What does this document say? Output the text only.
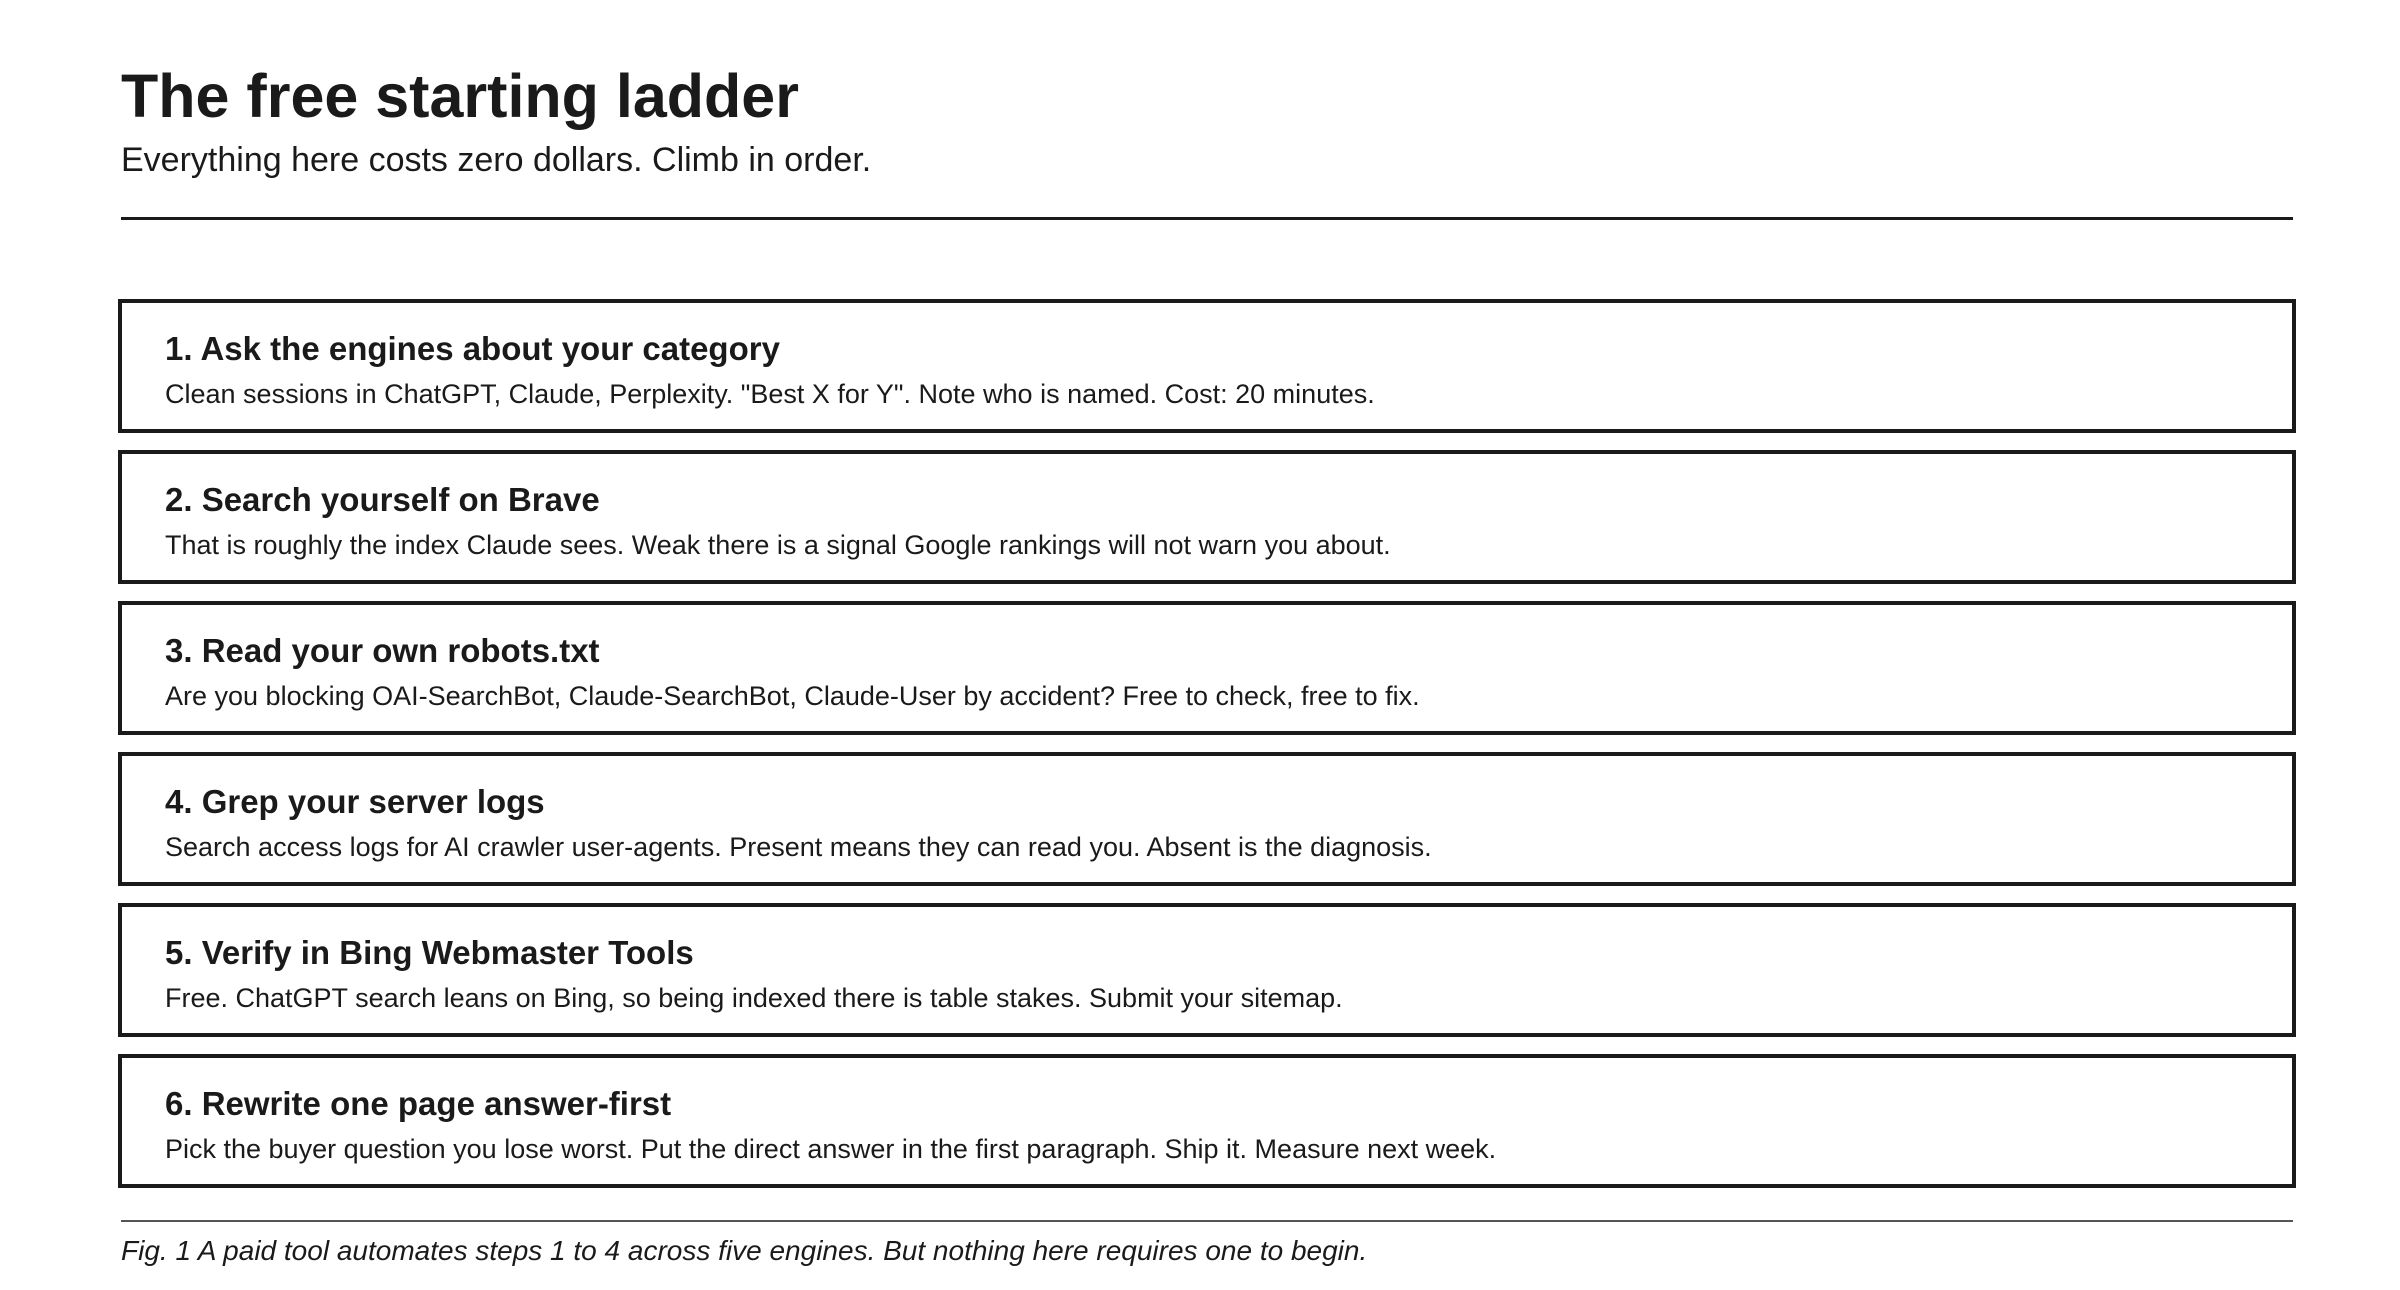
The free starting ladder

Everything here costs zero dollars. Climb in order.

1. Ask the engines about your category

Clean sessions in ChatGPT, Claude, Perplexity. "Best X for Y". Note who is named. Cost: 20 minutes.

2. Search yourself on Brave

That is roughly the index Claude sees. Weak there is a signal Google rankings will not warn you about.

3. Read your own robots.txt

Are you blocking OAI-SearchBot, Claude-SearchBot, Claude-User by accident? Free to check, free to fix.

4. Grep your server logs

Search access logs for AI crawler user-agents. Present means they can read you. Absent is the diagnosis.

5. Verify in Bing Webmaster Tools

Free. ChatGPT search leans on Bing, so being indexed there is table stakes. Submit your sitemap.

6. Rewrite one page answer-first

Pick the buyer question you lose worst. Put the direct answer in the first paragraph. Ship it. Measure next week.

Fig. 1 A paid tool automates steps 1 to 4 across five engines. But nothing here requires one to begin.
